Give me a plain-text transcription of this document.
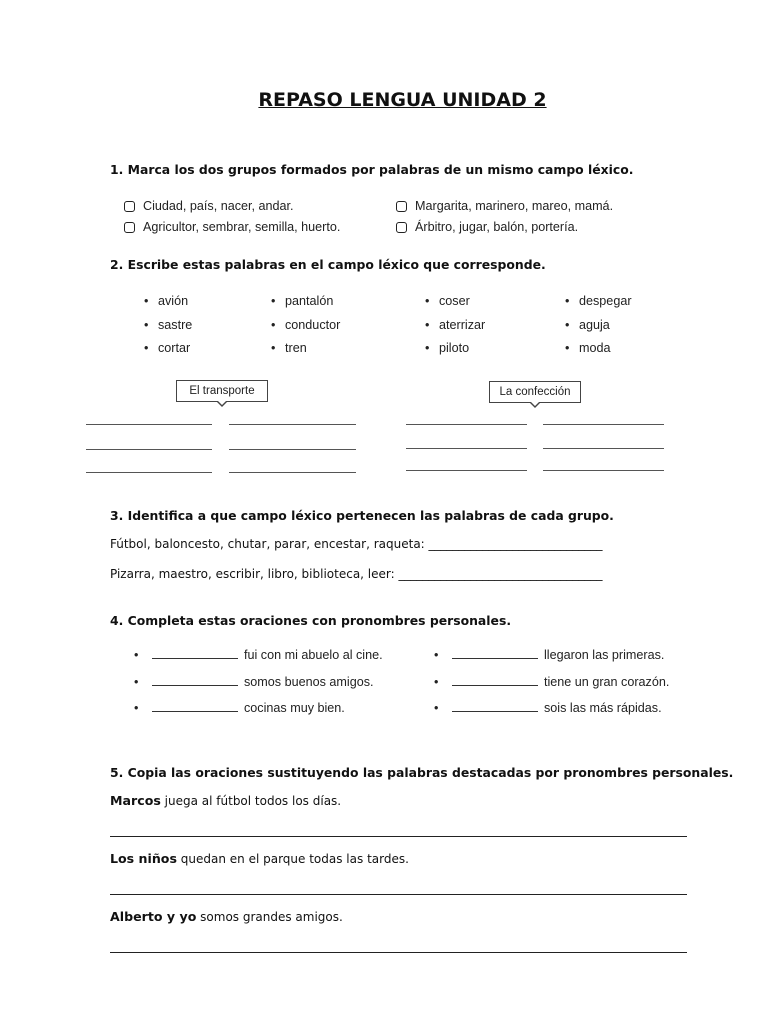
REPASO LENGUA UNIDAD 2
1. Marca los dos grupos formados por palabras de un mismo campo léxico.
Ciudad, país, nacer, andar.	Margarita, marinero, mareo, mamá.
Agricultor, sembrar, semilla, huerto.	Árbitro, jugar, balón, portería.
2. Escribe estas palabras en el campo léxico que corresponde.
• avión
• sastre
• cortar
• pantalón
• conductor
• tren
• coser
• aterrizar
• piloto
• despegar
• aguja
• moda
El transporte	La confección
3. Identifica a que campo léxico pertenecen las palabras de cada grupo.
Fútbol, baloncesto, chutar, parar, encestar, raqueta: _____________________________
Pizarra, maestro, escribir, libro, biblioteca, leer: __________________________________
4. Completa estas oraciones con pronombres personales.
•	fui con mi abuelo al cine.
•	somos buenos amigos.
•	cocinas muy bien.
•	llegaron las primeras.
•	tiene un gran corazón.
•	sois las más rápidas.
5. Copia las oraciones sustituyendo las palabras destacadas por pronombres personales.
Marcos juega al fútbol todos los días.
Los niños quedan en el parque todas las tardes.
Alberto y yo somos grandes amigos.
